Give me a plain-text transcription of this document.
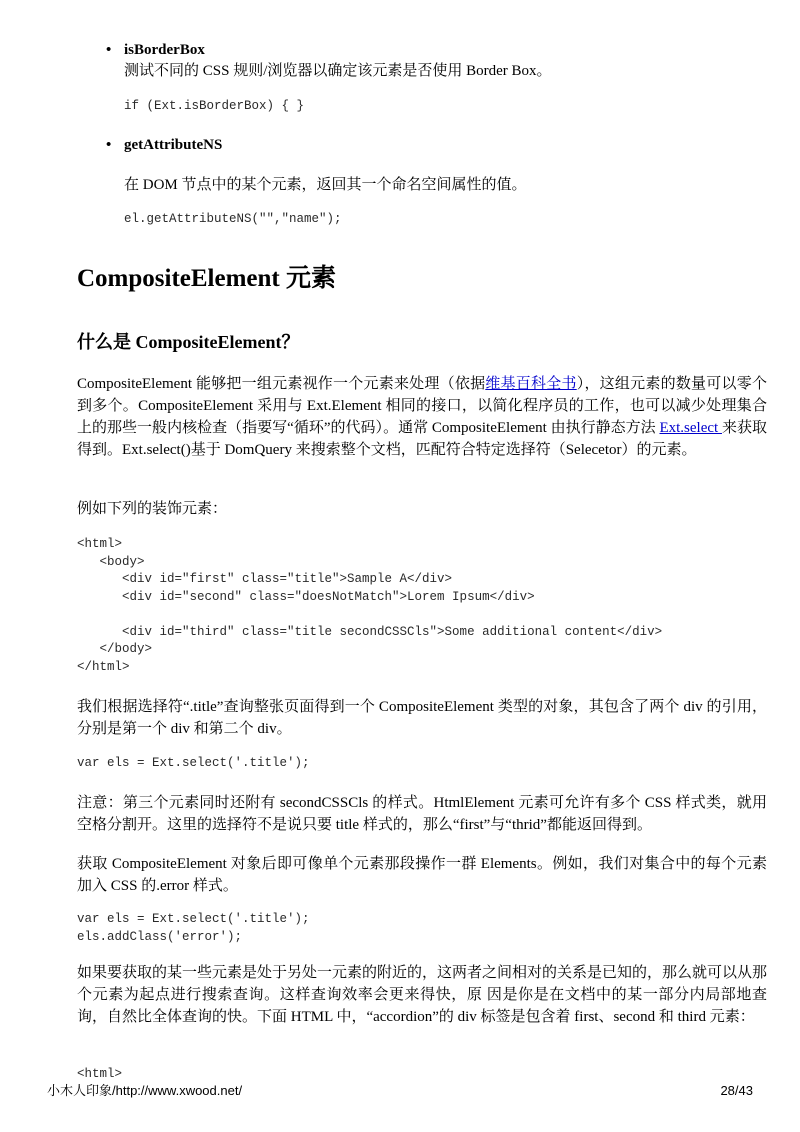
• isBorderBox
测试不同的 CSS 规则/浏览器以确定该元素是否使用 Border Box。
if (Ext.isBorderBox) { }
• getAttributeNS
在 DOM 节点中的某个元素，返回其一个命名空间属性的值。
el.getAttributeNS("","name");
CompositeElement 元素
什么是 CompositeElement？

CompositeElement 能够把一组元素视作一个元素来处理（依据维基百科全书），这组元素的数量可以零个到多个。CompositeElement 采用与 Ext.Element 相同的接口，以简化程序员的工作，也可以减少处理集合上的那些一般内核检查（指要写“循环”的代码）。通常 CompositeElement 由执行静态方法 Ext.select 来获取得到。Ext.select()基于 DomQuery 来搜索整个文档，匹配符合特定选择符（Selecetor）的元素。

例如下列的装饰元素：

<html>
<body>
<div id="first" class="title">Sample A</div>
<div id="second" class="doesNotMatch">Lorem Ipsum</div>

<div id="third" class="title secondCSSCls">Some additional content</div>
</body>
</html>

我们根据选择符“.title”查询整张页面得到一个 CompositeElement 类型的对象，其包含了两个 div 的引用，分别是第一个 div 和第二个 div。

var els = Ext.select('.title');

注意：第三个元素同时还附有 secondCSSCls 的样式。HtmlElement 元素可允许有多个 CSS 样式类，就用空格分割开。这里的选择符不是说只要 title 样式的，那么“first”与“thrid”都能返回得到。

获取 CompositeElement 对象后即可像单个元素那段操作一群 Elements。例如，我们对集合中的每个元素加入 CSS 的.error 样式。

var els = Ext.select('.title');
els.addClass('error');

如果要获取的某一些元素是处于另处一元素的附近的，这两者之间相对的关系是已知的，那么就可以从那个元素为起点进行搜索查询。这样查询效率会更来得快，原 因是你是在文档中的某一部分内局部地查询，自然比全体查询的快。下面 HTML 中，“accordion”的 div 标签是包含着 first、second 和 third 元素：

<html>
小木人印象/http://www.xwood.net/	28/43
